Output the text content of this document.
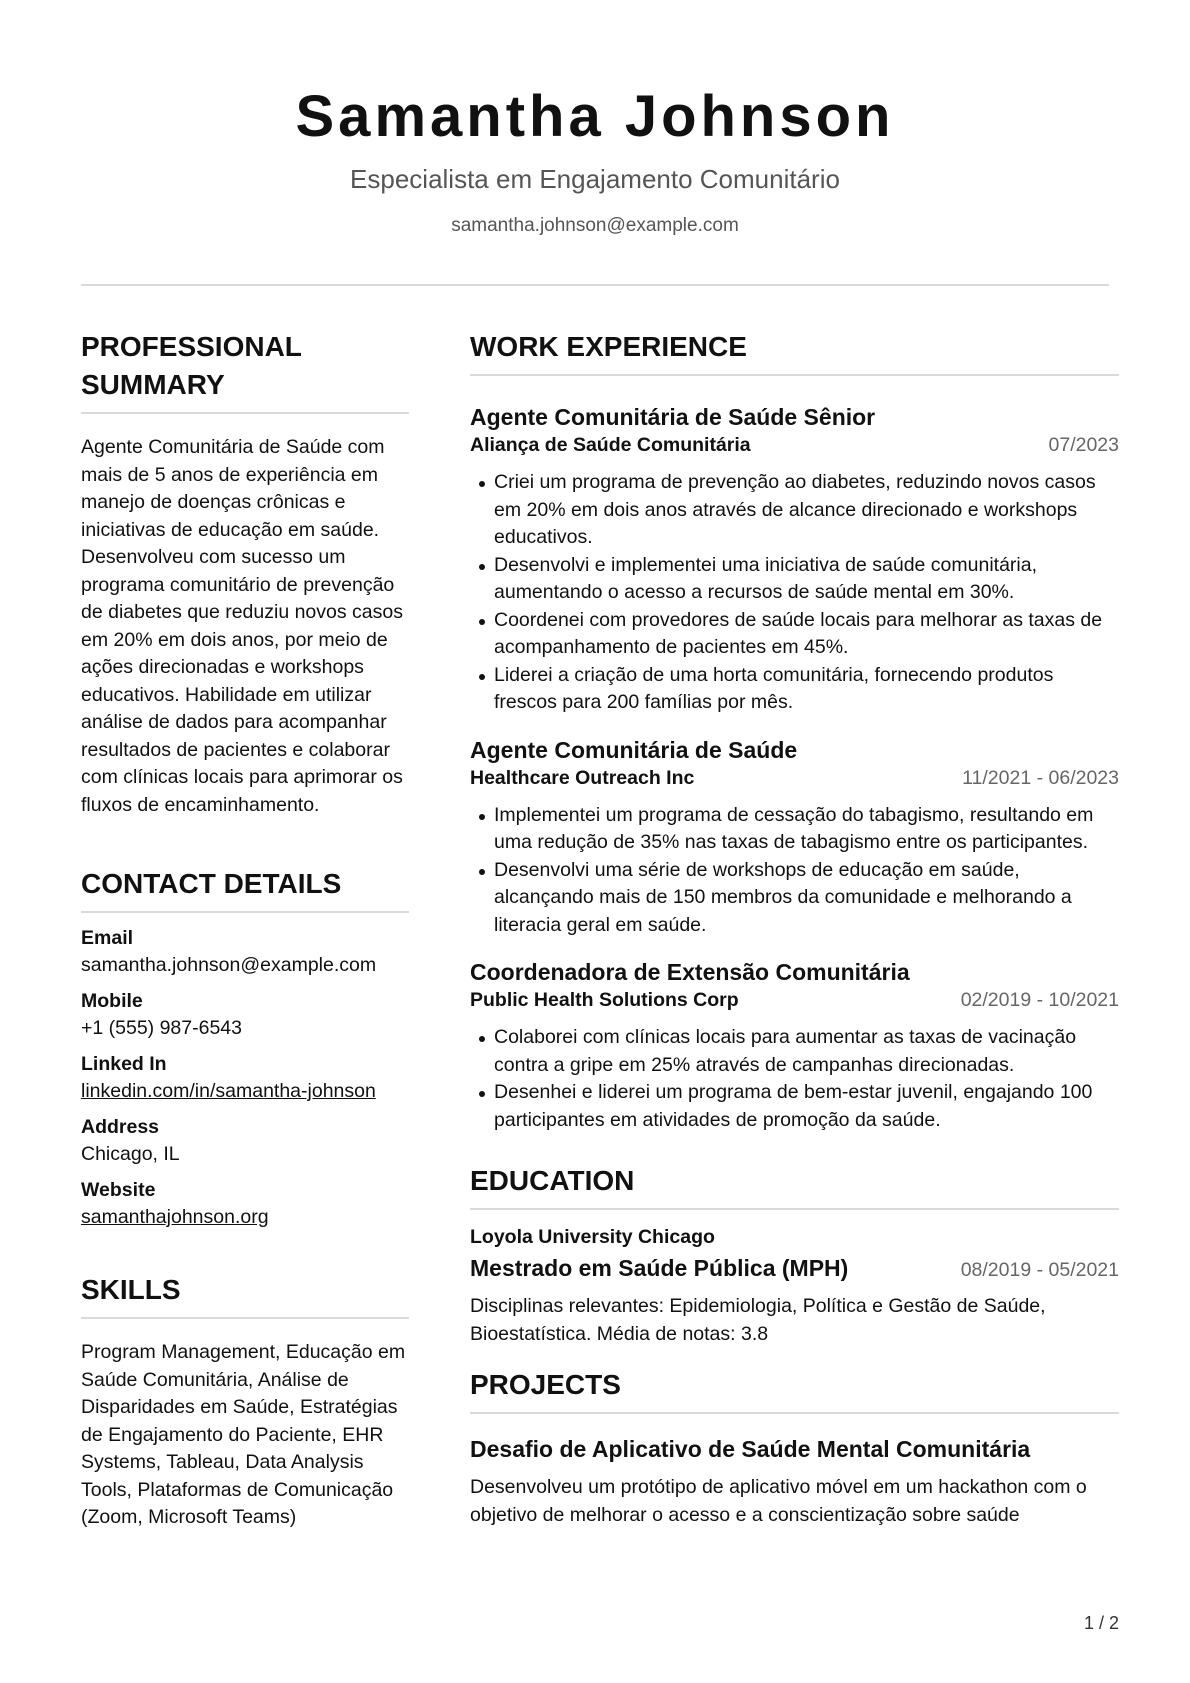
Samantha Johnson
Especialista em Engajamento Comunitário
samantha.johnson@example.com
PROFESSIONAL SUMMARY
Agente Comunitária de Saúde com mais de 5 anos de experiência em manejo de doenças crônicas e iniciativas de educação em saúde. Desenvolveu com sucesso um programa comunitário de prevenção de diabetes que reduziu novos casos em 20% em dois anos, por meio de ações direcionadas e workshops educativos. Habilidade em utilizar análise de dados para acompanhar resultados de pacientes e colaborar com clínicas locais para aprimorar os fluxos de encaminhamento.
CONTACT DETAILS
Email
samantha.johnson@example.com
Mobile
+1 (555) 987-6543
Linked In
linkedin.com/in/samantha-johnson
Address
Chicago, IL
Website
samanthajohnson.org
SKILLS
Program Management, Educação em Saúde Comunitária, Análise de Disparidades em Saúde, Estratégias de Engajamento do Paciente, EHR Systems, Tableau, Data Analysis Tools, Plataformas de Comunicação (Zoom, Microsoft Teams)
WORK EXPERIENCE
Agente Comunitária de Saúde Sênior
Aliança de Saúde Comunitária	07/2023
Criei um programa de prevenção ao diabetes, reduzindo novos casos em 20% em dois anos através de alcance direcionado e workshops educativos.
Desenvolvi e implementei uma iniciativa de saúde comunitária, aumentando o acesso a recursos de saúde mental em 30%.
Coordenei com provedores de saúde locais para melhorar as taxas de acompanhamento de pacientes em 45%.
Liderei a criação de uma horta comunitária, fornecendo produtos frescos para 200 famílias por mês.
Agente Comunitária de Saúde
Healthcare Outreach Inc	11/2021 - 06/2023
Implementei um programa de cessação do tabagismo, resultando em uma redução de 35% nas taxas de tabagismo entre os participantes.
Desenvolvi uma série de workshops de educação em saúde, alcançando mais de 150 membros da comunidade e melhorando a literacia geral em saúde.
Coordenadora de Extensão Comunitária
Public Health Solutions Corp	02/2019 - 10/2021
Colaborei com clínicas locais para aumentar as taxas de vacinação contra a gripe em 25% através de campanhas direcionadas.
Desenhei e liderei um programa de bem-estar juvenil, engajando 100 participantes em atividades de promoção da saúde.
EDUCATION
Loyola University Chicago
Mestrado em Saúde Pública (MPH)	08/2019 - 05/2021
Disciplinas relevantes: Epidemiologia, Política e Gestão de Saúde, Bioestatística. Média de notas: 3.8
PROJECTS
Desafio de Aplicativo de Saúde Mental Comunitária
Desenvolveu um protótipo de aplicativo móvel em um hackathon com o objetivo de melhorar o acesso e a conscientização sobre saúde
1 / 2
